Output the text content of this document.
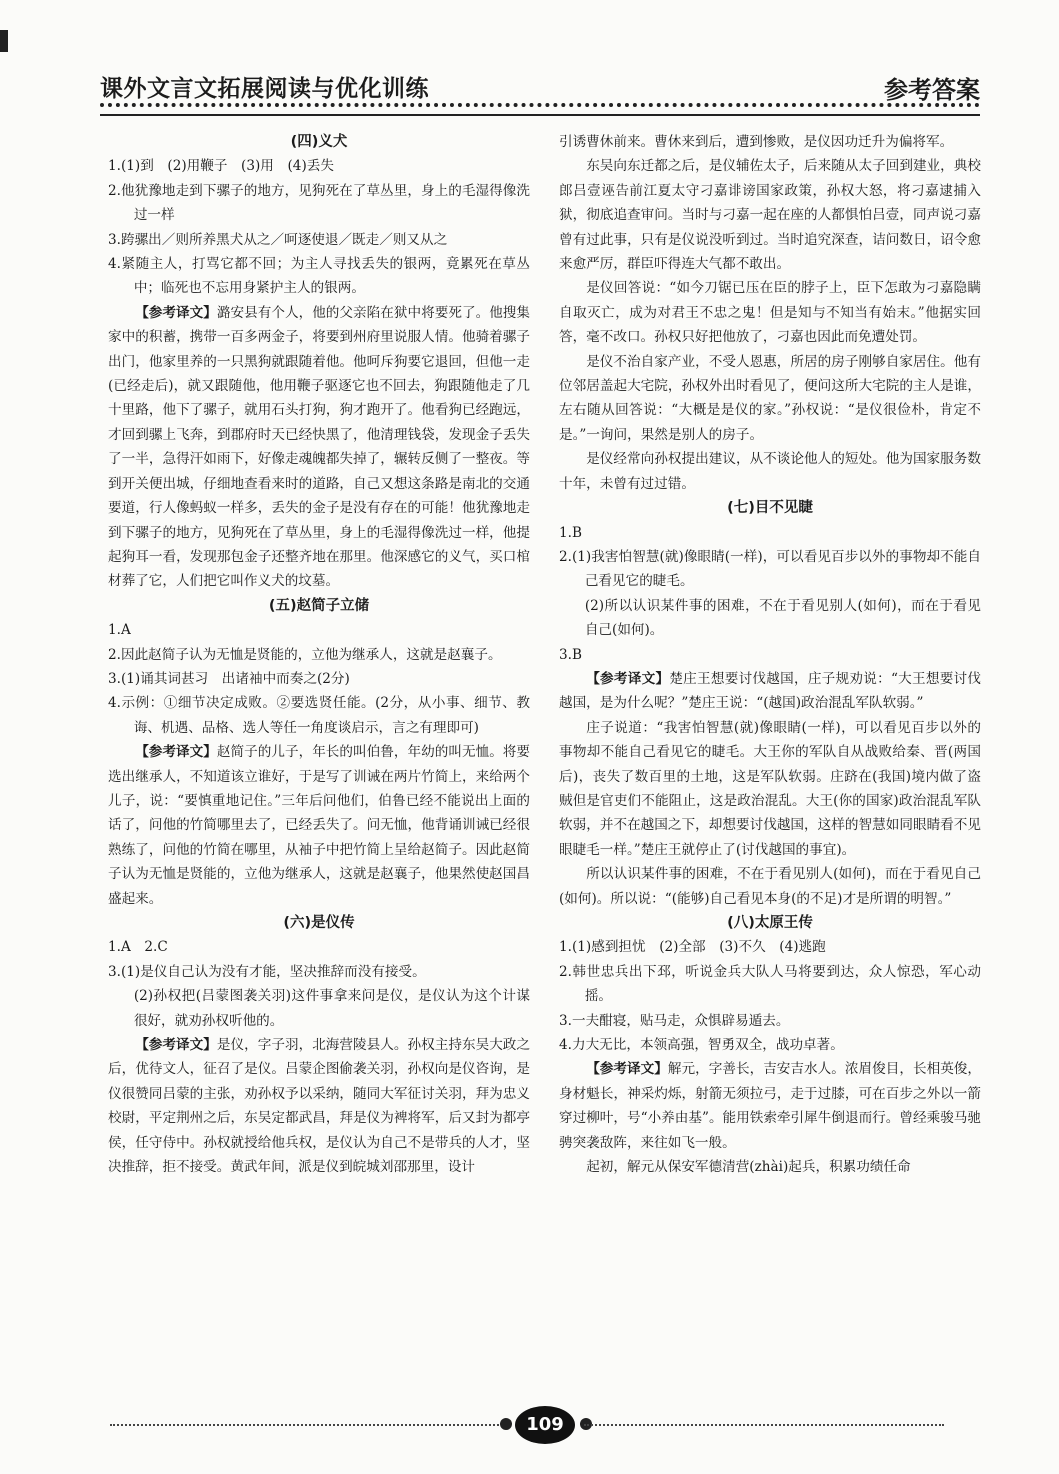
课外文言文拓展阅读与优化训练	参考答案

(四)义犬

1.(1)到　(2)用鞭子　(3)用　(4)丢失

2.他犹豫地走到下骡子的地方，见狗死在了草丛里，身上的毛湿得像洗过一样

3.跨骡出／则所养黑犬从之／呵逐使退／既走／则又从之

4.紧随主人，打骂它都不回；为主人寻找丢失的银两，竟累死在草丛中；临死也不忘用身紧护主人的银两。

【参考译文】潞安县有个人，他的父亲陷在狱中将要死了。他搜集家中的积蓄，携带一百多两金子，将要到州府里说服人情。他骑着骡子出门，他家里养的一只黑狗就跟随着他。他呵斥狗要它退回，但他一走(已经走后)，就又跟随他，他用鞭子驱逐它也不回去，狗跟随他走了几十里路，他下了骡子，就用石头打狗，狗才跑开了。他看狗已经跑远，才回到骡上飞奔，到郡府时天已经快黑了，他清理钱袋，发现金子丢失了一半，急得汗如雨下，好像走魂魄都失掉了，辗转反侧了一整夜。等到开关便出城，仔细地查看来时的道路，自己又想这条路是南北的交通要道，行人像蚂蚁一样多，丢失的金子是没有存在的可能！他犹豫地走到下骡子的地方，见狗死在了草丛里，身上的毛湿得像洗过一样，他提起狗耳一看，发现那包金子还整齐地在那里。他深感它的义气，买口棺材葬了它，人们把它叫作义犬的坟墓。

(五)赵简子立储

1.A

2.因此赵简子认为无恤是贤能的，立他为继承人，这就是赵襄子。

3.(1)诵其词甚习　出诸袖中而奏之(2分)

4.示例：①细节决定成败。②要选贤任能。(2分，从小事、细节、教诲、机遇、品格、选人等任一角度谈启示，言之有理即可)

【参考译文】赵简子的儿子，年长的叫伯鲁，年幼的叫无恤。将要选出继承人，不知道该立谁好，于是写了训诫在两片竹简上，来给两个儿子，说：“要慎重地记住。”三年后问他们，伯鲁已经不能说出上面的话了，问他的竹简哪里去了，已经丢失了。问无恤，他背诵训诫已经很熟练了，问他的竹简在哪里，从袖子中把竹简上呈给赵简子。因此赵简子认为无恤是贤能的，立他为继承人，这就是赵襄子，他果然使赵国昌盛起来。

(六)是仪传

1.A　2.C

3.(1)是仪自己认为没有才能，坚决推辞而没有接受。

(2)孙权把(吕蒙图袭关羽)这件事拿来问是仪，是仪认为这个计谋很好，就劝孙权听他的。

【参考译文】是仪，字子羽，北海营陵县人。孙权主持东吴大政之后，优待文人，征召了是仪。吕蒙企图偷袭关羽，孙权向是仪咨询，是仪很赞同吕蒙的主张，劝孙权予以采纳，随同大军征讨关羽，拜为忠义校尉，平定荆州之后，东吴定都武昌，拜是仪为裨将军，后又封为都亭侯，任守侍中。孙权就授给他兵权，是仪认为自己不是带兵的人才，坚决推辞，拒不接受。黄武年间，派是仪到皖城刘邵那里，设计

引诱曹休前来。曹休来到后，遭到惨败，是仪因功迁升为偏将军。

东吴向东迁都之后，是仪辅佐太子，后来随从太子回到建业，典校郎吕壹诬告前江夏太守刁嘉诽谤国家政策，孙权大怒，将刁嘉逮捕入狱，彻底追查审问。当时与刁嘉一起在座的人都惧怕吕壹，同声说刁嘉曾有过此事，只有是仪说没听到过。当时追究深查，诘问数日，诏令愈来愈严厉，群臣吓得连大气都不敢出。

是仪回答说：“如今刀锯已压在臣的脖子上，臣下怎敢为刁嘉隐瞒自取灭亡，成为对君王不忠之鬼！但是知与不知当有始末。”他据实回答，毫不改口。孙权只好把他放了，刁嘉也因此而免遭处罚。

是仪不治自家产业，不受人恩惠，所居的房子刚够自家居住。他有位邻居盖起大宅院，孙权外出时看见了，便问这所大宅院的主人是谁，左右随从回答说：“大概是是仪的家。”孙权说：“是仪很俭朴，肯定不是。”一询问，果然是别人的房子。

是仪经常向孙权提出建议，从不谈论他人的短处。他为国家服务数十年，未曾有过过错。

(七)目不见睫

1.B

2.(1)我害怕智慧(就)像眼睛(一样)，可以看见百步以外的事物却不能自己看见它的睫毛。

(2)所以认识某件事的困难，不在于看见别人(如何)，而在于看见自己(如何)。

3.B

【参考译文】楚庄王想要讨伐越国，庄子规劝说：“大王想要讨伐越国，是为什么呢？”楚庄王说：“(越国)政治混乱军队软弱。”

庄子说道：“我害怕智慧(就)像眼睛(一样)，可以看见百步以外的事物却不能自己看见它的睫毛。大王你的军队自从战败给秦、晋(两国后)，丧失了数百里的土地，这是军队软弱。庄跻在(我国)境内做了盗贼但是官吏们不能阻止，这是政治混乱。大王(你的国家)政治混乱军队软弱，并不在越国之下，却想要讨伐越国，这样的智慧如同眼睛看不见眼睫毛一样。”楚庄王就停止了(讨伐越国的事宜)。

所以认识某件事的困难，不在于看见别人(如何)，而在于看见自己(如何)。所以说：“(能够)自己看见本身(的不足)才是所谓的明智。”

(八)太原王传

1.(1)感到担忧　(2)全部　(3)不久　(4)逃跑

2.韩世忠兵出下邳，听说金兵大队人马将要到达，众人惊恐，军心动摇。

3.一夫酣寝，贴马走，众惧辟易遁去。

4.力大无比，本领高强，智勇双全，战功卓著。

【参考译文】解元，字善长，吉安吉水人。浓眉俊目，长相英俊，身材魁长，神采灼烁，射箭无须拉弓，走于过膝，可在百步之外以一箭穿过柳叶，号“小养由基”。能用铁索牵引犀牛倒退而行。曾经乘骏马驰骋突袭敌阵，来往如飞一般。

起初，解元从保安军德清营(zhài)起兵，积累功绩任命

109
